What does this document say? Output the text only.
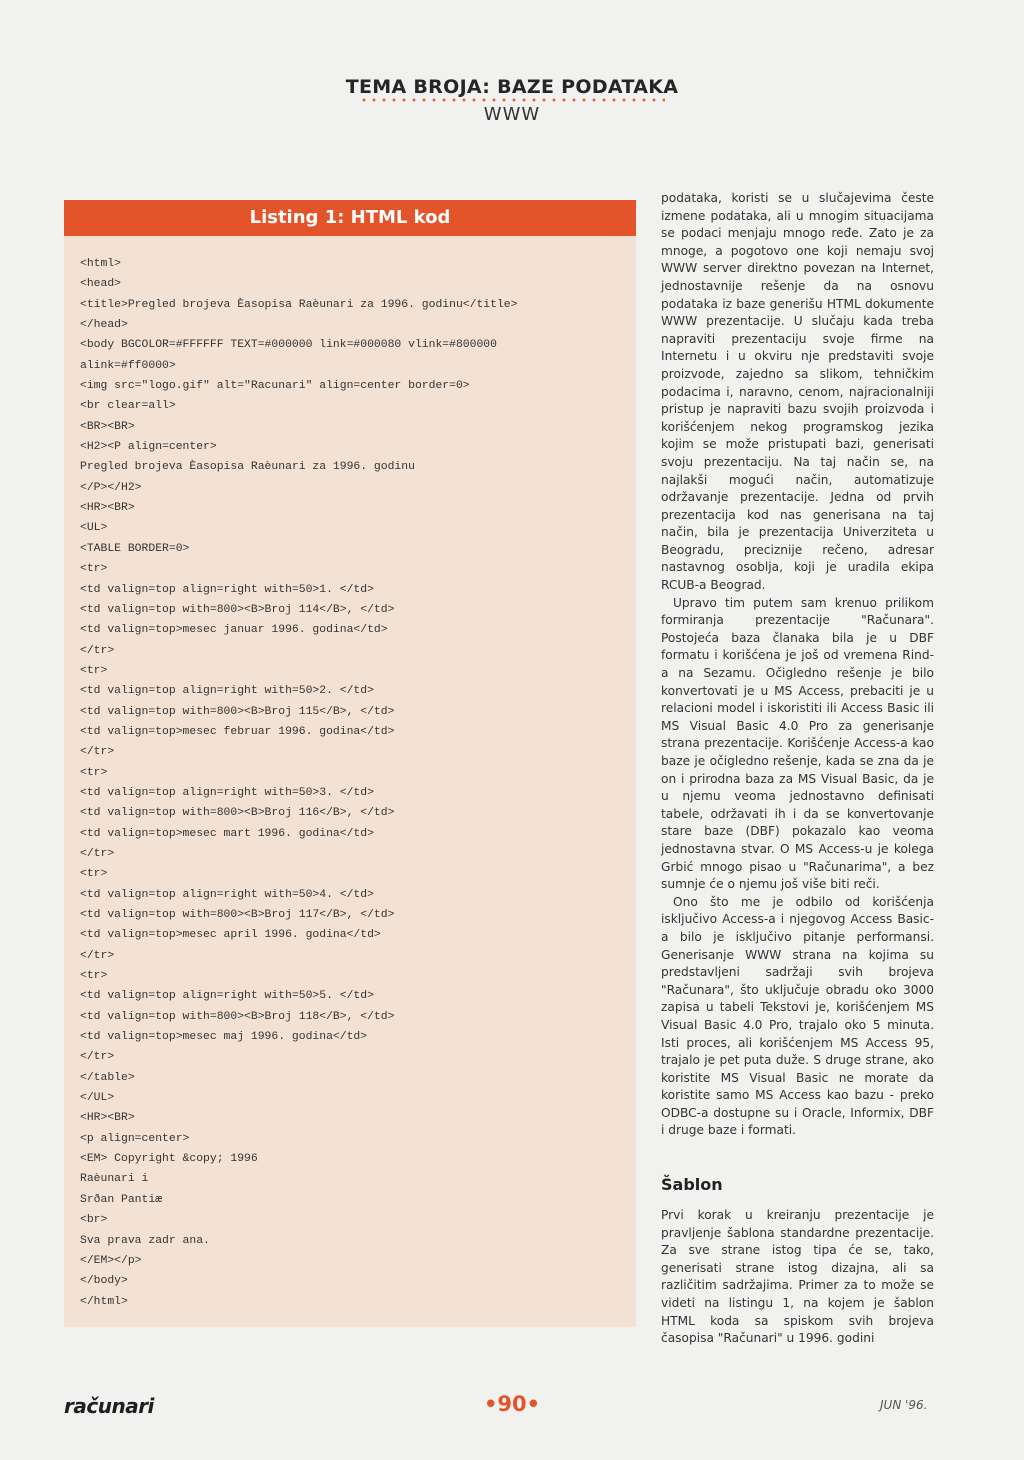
TEMA BROJA: BAZE PODATAKA
WWW
Listing 1: HTML kod
<html>
<head>
<title>Pregled brojeva Èasopisa Raèunari za 1996. godinu</title>
</head>
<body BGCOLOR=#FFFFFF TEXT=#000000 link=#000080 vlink=#800000
alink=#ff0000>
<img src="logo.gif" alt="Racunari" align=center border=0>
<br clear=all>
<BR><BR>
<H2><P align=center>
Pregled brojeva Èasopisa Raèunari za 1996. godinu
</P></H2>
<HR><BR>
<UL>
<TABLE BORDER=0>
<tr>
<td valign=top align=right with=50>1. </td>
<td valign=top with=800><B>Broj 114</B>, </td>
<td valign=top>mesec januar 1996. godina</td>
</tr>
<tr>
<td valign=top align=right with=50>2. </td>
<td valign=top with=800><B>Broj 115</B>, </td>
<td valign=top>mesec februar 1996. godina</td>
</tr>
<tr>
<td valign=top align=right with=50>3. </td>
<td valign=top with=800><B>Broj 116</B>, </td>
<td valign=top>mesec mart 1996. godina</td>
</tr>
<tr>
<td valign=top align=right with=50>4. </td>
<td valign=top with=800><B>Broj 117</B>, </td>
<td valign=top>mesec april 1996. godina</td>
</tr>
<tr>
<td valign=top align=right with=50>5. </td>
<td valign=top with=800><B>Broj 118</B>, </td>
<td valign=top>mesec maj 1996. godina</td>
</tr>
</table>
</UL>
<HR><BR>
<p align=center>
<EM> Copyright &copy; 1996
Raèunari i
Srðan Pantiæ
<br>
Sva prava zadr ana.
</EM></p>
</body>
</html>

podataka, koristi se u slučajevima česte izmene podataka, ali u mnogim situacijama se podaci menjaju mnogo ređe. Zato je za mnoge, a pogotovo one koji nemaju svoj WWW server direktno povezan na Internet, jednostavnije rešenje da na osnovu podataka iz baze generišu HTML dokumente WWW prezentacije. U slučaju kada treba napraviti prezentaciju svoje firme na Internetu i u okviru nje predstaviti svoje proizvode, zajedno sa slikom, tehničkim podacima i, naravno, cenom, najracionalniji pristup je napraviti bazu svojih proizvoda i korišćenjem nekog programskog jezika kojim se može pristupati bazi, generisati svoju prezentaciju. Na taj način se, na najlakši mogući način, automatizuje održavanje prezentacije. Jedna od prvih prezentacija kod nas generisana na taj način, bila je prezentacija Univerziteta u Beogradu, preciznije rečeno, adresar nastavnog osoblja, koji je uradila ekipa RCUB-a Beograd.

Upravo tim putem sam krenuo prilikom formiranja prezentacije "Računara". Postojeća baza članaka bila je u DBF formatu i korišćena je još od vremena Rind-a na Sezamu. Očigledno rešenje je bilo konvertovati je u MS Access, prebaciti je u relacioni model i iskoristiti ili Access Basic ili MS Visual Basic 4.0 Pro za generisanje strana prezentacije. Korišćenje Access-a kao baze je očigledno rešenje, kada se zna da je on i prirodna baza za MS Visual Basic, da je u njemu veoma jednostavno definisati tabele, održavati ih i da se konvertovanje stare baze (DBF) pokazalo kao veoma jednostavna stvar. O MS Access-u je kolega Grbić mnogo pisao u "Računarima", a bez sumnje će o njemu još više biti reči.

Ono što me je odbilo od korišćenja isključivo Access-a i njegovog Access Basic-a bilo je isključivo pitanje performansi. Generisanje WWW strana na kojima su predstavljeni sadržaji svih brojeva "Računara", što uključuje obradu oko 3000 zapisa u tabeli Tekstovi je, korišćenjem MS Visual Basic 4.0 Pro, trajalo oko 5 minuta. Isti proces, ali korišćenjem MS Access 95, trajalo je pet puta duže. S druge strane, ako koristite MS Visual Basic ne morate da koristite samo MS Access kao bazu - preko ODBC-a dostupne su i Oracle, Informix, DBF i druge baze i formati.

Šablon

Prvi korak u kreiranju prezentacije je pravljenje šablona standardne prezentacije. Za sve strane istog tipa će se, tako, generisati strane istog dizajna, ali sa različitim sadržajima. Primer za to može se videti na listingu 1, na kojem je šablon HTML koda sa spiskom svih brojeva časopisa "Računari" u 1996. godini

računari	•90•	JUN '96.
